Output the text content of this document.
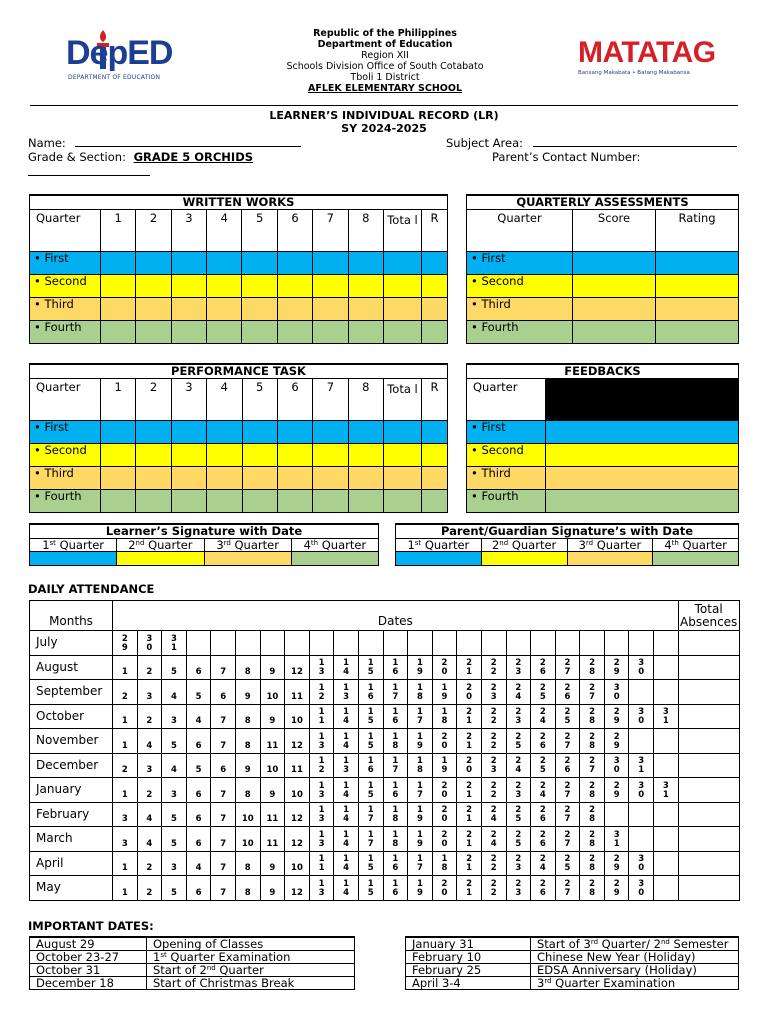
DepED
DEPARTMENT OF EDUCATION
Republic of the Philippines
Department of Education
Region XII
Schools Division Office of South Cotabato
Tboli 1 District
AFLEK ELEMENTARY SCHOOL
MATATAG
Bansang Makabata • Batang Makabansa
LEARNER’S INDIVIDUAL RECORD (LR)
SY 2024-2025
Name:	Subject Area:
Grade & Section: GRADE 5 ORCHIDS	Parent’s Contact Number:
WRITTEN WORKS										
Quarter	1	2	3	4	5	6	7	8	Tota l	R
• First										
• Second										
• Third										
• Fourth										
QUARTERLY ASSESSMENTS		
Quarter	Score	Rating
• First		
• Second		
• Third		
• Fourth		
PERFORMANCE TASK										
Quarter	1	2	3	4	5	6	7	8	Tota l	R
• First										
• Second										
• Third										
• Fourth										
FEEDBACKS	
Quarter	
• First	
• Second	
• Third	
• Fourth	
Learner’s Signature with Date			
1st Quarter	2nd Quarter	3rd Quarter	4th Quarter

Parent/Guardian Signature’s with Date			
1st Quarter	2nd Quarter	3rd Quarter	4th Quarter

DAILY ATTENDANCE
Months	Dates																							Total Absences
July	29	30	31																					
August	1	2	5	6	7	8	9	12	13	14	15	16	19	20	21	22	23	26	27	28	29	30		
September	2	3	4	5	6	9	10	11	12	13	16	17	18	19	20	23	24	25	26	27	30			
October	1	2	3	4	7	8	9	10	11	14	15	16	17	18	21	22	23	24	25	28	29	30	31	
November	1	4	5	6	7	8	11	12	13	14	15	18	19	20	21	22	25	26	27	28	29			
December	2	3	4	5	6	9	10	11	12	13	16	17	18	19	20	23	24	25	26	27	30	31		
January	1	2	3	6	7	8	9	10	13	14	15	16	17	20	21	22	23	24	27	28	29	30	31	
February	3	4	5	6	7	10	11	12	13	14	17	18	19	20	21	24	25	26	27	28				
March	3	4	5	6	7	10	11	12	13	14	17	18	19	20	21	24	25	26	27	28	31			
April	1	2	3	4	7	8	9	10	11	14	15	16	17	18	21	22	23	24	25	28	29	30		
May	1	2	5	6	7	8	9	12	13	14	15	16	19	20	21	22	23	26	27	28	29	30		
IMPORTANT DATES:
August 29	Opening of Classes
October 23-27	1st Quarter Examination
October 31	Start of 2nd Quarter
December 18	Start of Christmas Break
January 31	Start of 3rd Quarter/ 2nd Semester
February 10	Chinese New Year (Holiday)
February 25	EDSA Anniversary (Holiday)
April 3-4	3rd Quarter Examination
